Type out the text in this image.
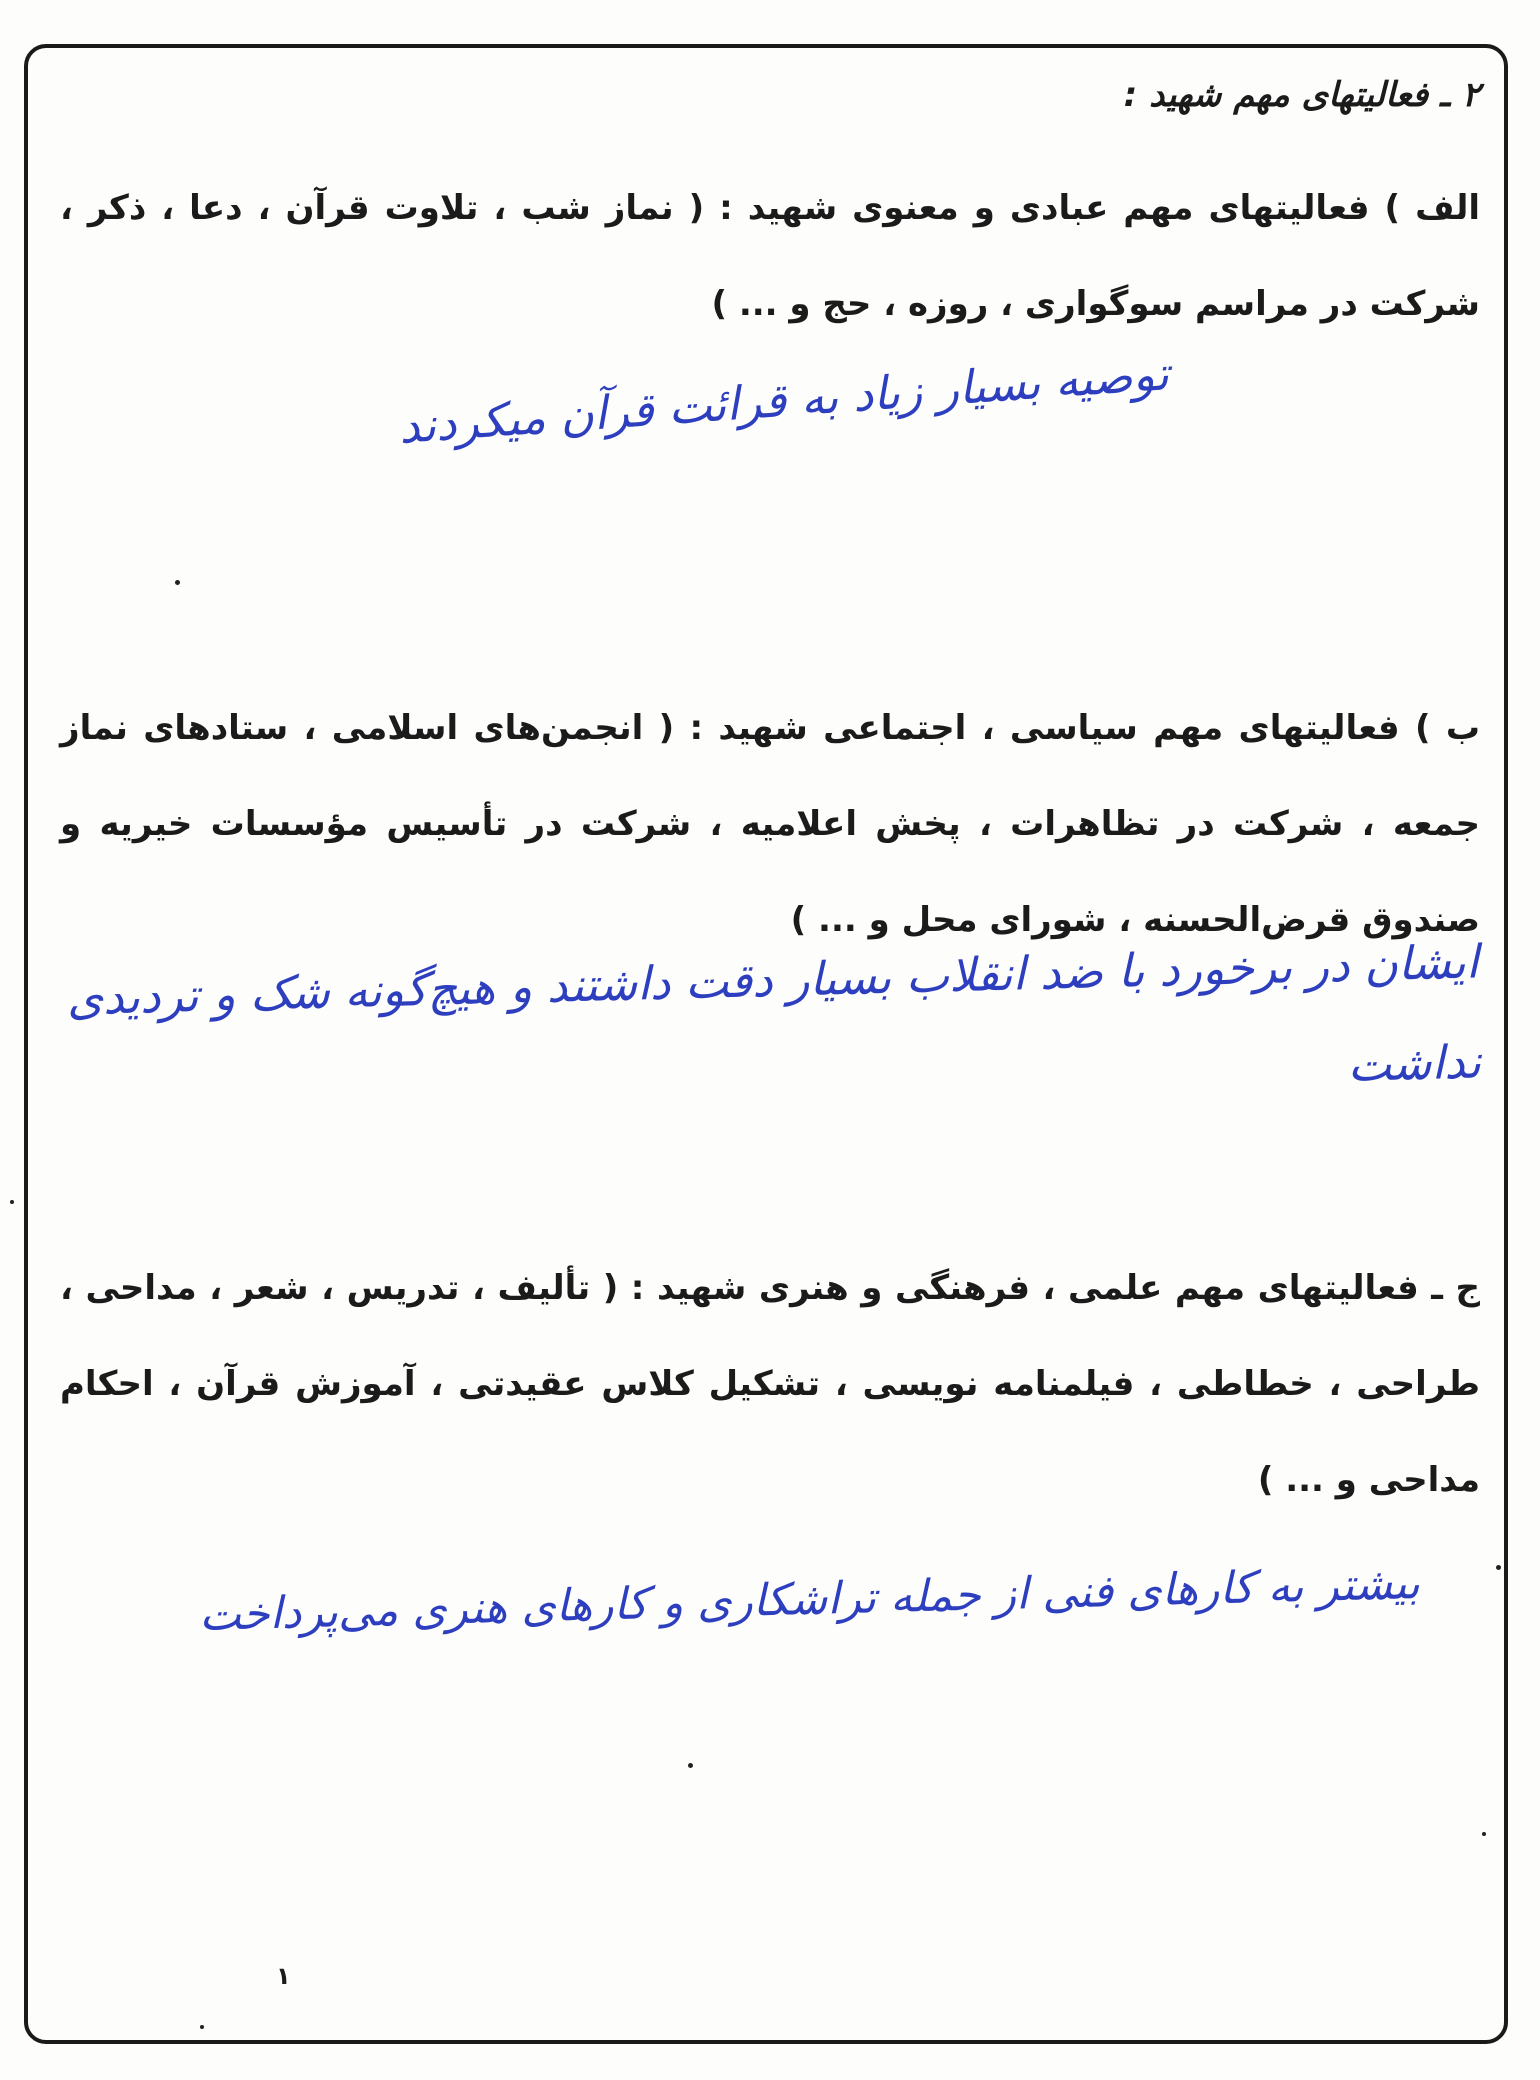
۲ ـ فعالیتهای مهم شهید :

الف ) فعالیتهای مهم عبادی و معنوی شهید : ( نماز شب ، تلاوت قرآن ، دعا ، ذکر ، شرکت در مراسم سوگواری ، روزه ، حج و ... )

توصیه بسیار زیاد به قرائت قرآن میکردند

ب ) فعالیتهای مهم سیاسی ، اجتماعی شهید : ( انجمن‌های اسلامی ، ستادهای نماز جمعه ، شرکت در تظاهرات ، پخش اعلامیه ، شرکت در تأسیس مؤسسات خیریه و صندوق قرض‌الحسنه ، شورای محل و ... )

ایشان در برخورد با ضد انقلاب بسیار دقت داشتند و هیچ‌گونه شک و تردیدی نداشت

ج ـ فعالیتهای مهم علمی ، فرهنگی و هنری شهید : ( تألیف ، تدریس ، شعر ، مداحی ، طراحی ، خطاطی ، فیلمنامه نویسی ، تشکیل کلاس عقیدتی ، آموزش قرآن ، احکام مداحی و ... )

بیشتر به کارهای فنی از جمله تراشکاری و کارهای هنری می‌پرداخت

۱
